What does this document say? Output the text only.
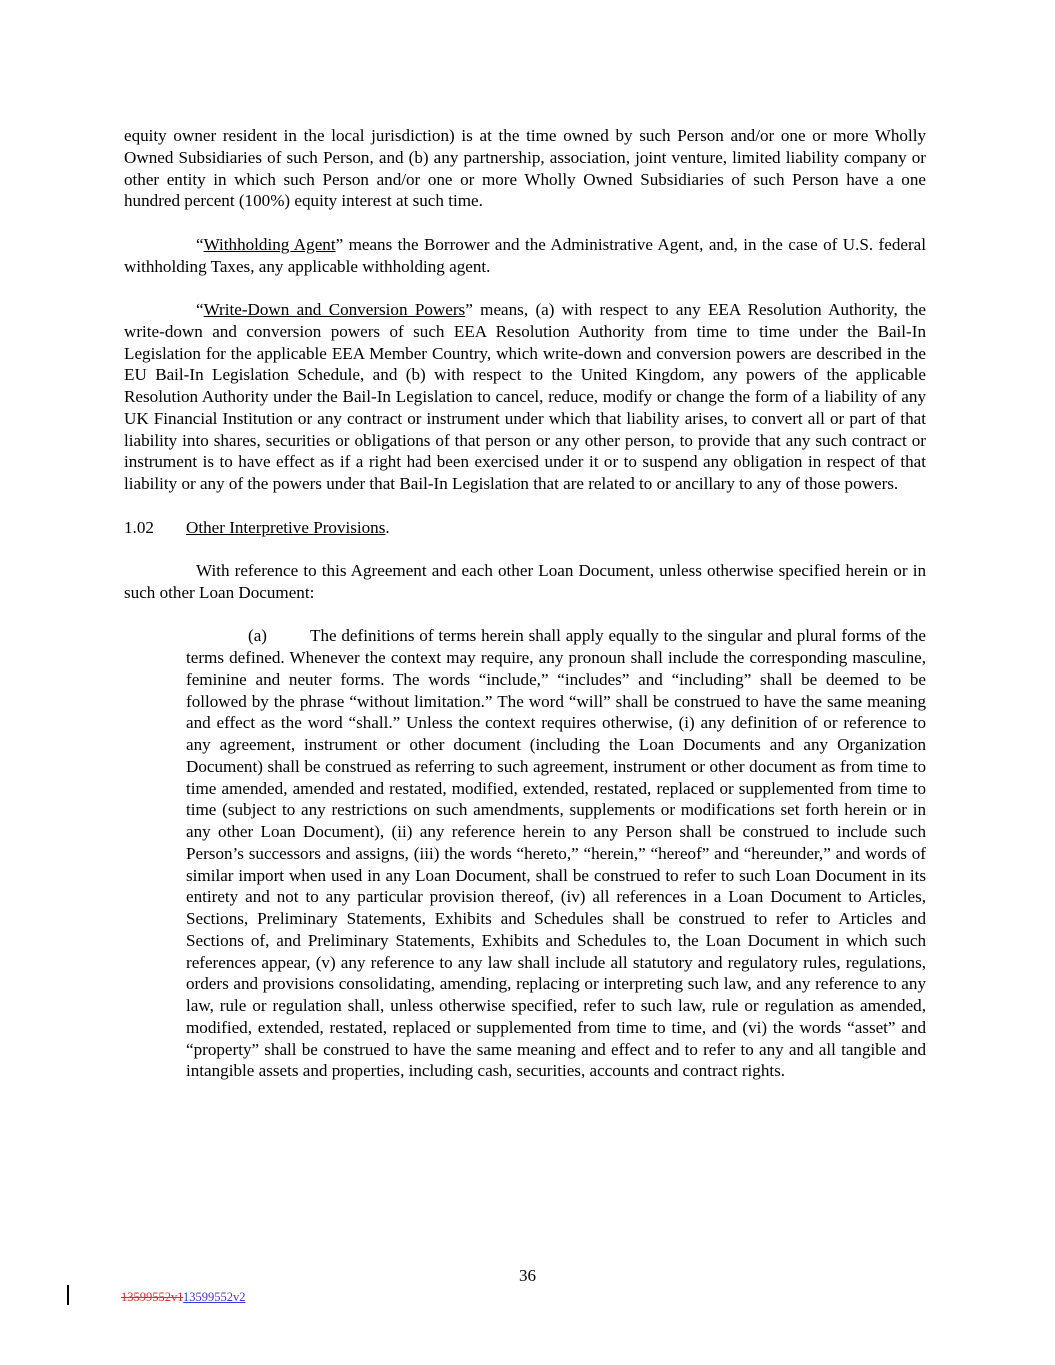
equity owner resident in the local jurisdiction) is at the time owned by such Person and/or one or more Wholly Owned Subsidiaries of such Person, and (b) any partnership, association, joint venture, limited liability company or other entity in which such Person and/or one or more Wholly Owned Subsidiaries of such Person have a one hundred percent (100%) equity interest at such time.

“Withholding Agent” means the Borrower and the Administrative Agent, and, in the case of U.S. federal withholding Taxes, any applicable withholding agent.

“Write-Down and Conversion Powers” means, (a) with respect to any EEA Resolution Authority, the write-down and conversion powers of such EEA Resolution Authority from time to time under the Bail-In Legislation for the applicable EEA Member Country, which write-down and conversion powers are described in the EU Bail-In Legislation Schedule, and (b) with respect to the United Kingdom, any powers of the applicable Resolution Authority under the Bail-In Legislation to cancel, reduce, modify or change the form of a liability of any UK Financial Institution or any contract or instrument under which that liability arises, to convert all or part of that liability into shares, securities or obligations of that person or any other person, to provide that any such contract or instrument is to have effect as if a right had been exercised under it or to suspend any obligation in respect of that liability or any of the powers under that Bail-In Legislation that are related to or ancillary to any of those powers.

1.02 Other Interpretive Provisions.

With reference to this Agreement and each other Loan Document, unless otherwise specified herein or in such other Loan Document:

(a)	The definitions of terms herein shall apply equally to the singular and plural forms of the terms defined. Whenever the context may require, any pronoun shall include the corresponding masculine, feminine and neuter forms. The words “include,” “includes” and “including” shall be deemed to be followed by the phrase “without limitation.” The word “will” shall be construed to have the same meaning and effect as the word “shall.” Unless the context requires otherwise, (i) any definition of or reference to any agreement, instrument or other document (including the Loan Documents and any Organization Document) shall be construed as referring to such agreement, instrument or other document as from time to time amended, amended and restated, modified, extended, restated, replaced or supplemented from time to time (subject to any restrictions on such amendments, supplements or modifications set forth herein or in any other Loan Document), (ii) any reference herein to any Person shall be construed to include such Person’s successors and assigns, (iii) the words “hereto,” “herein,” “hereof” and “hereunder,” and words of similar import when used in any Loan Document, shall be construed to refer to such Loan Document in its entirety and not to any particular provision thereof, (iv) all references in a Loan Document to Articles, Sections, Preliminary Statements, Exhibits and Schedules shall be construed to refer to Articles and Sections of, and Preliminary Statements, Exhibits and Schedules to, the Loan Document in which such references appear, (v) any reference to any law shall include all statutory and regulatory rules, regulations, orders and provisions consolidating, amending, replacing or interpreting such law, and any reference to any law, rule or regulation shall, unless otherwise specified, refer to such law, rule or regulation as amended, modified, extended, restated, replaced or supplemented from time to time, and (vi) the words “asset” and “property” shall be construed to have the same meaning and effect and to refer to any and all tangible and intangible assets and properties, including cash, securities, accounts and contract rights.

36
13599552v113599552v2
